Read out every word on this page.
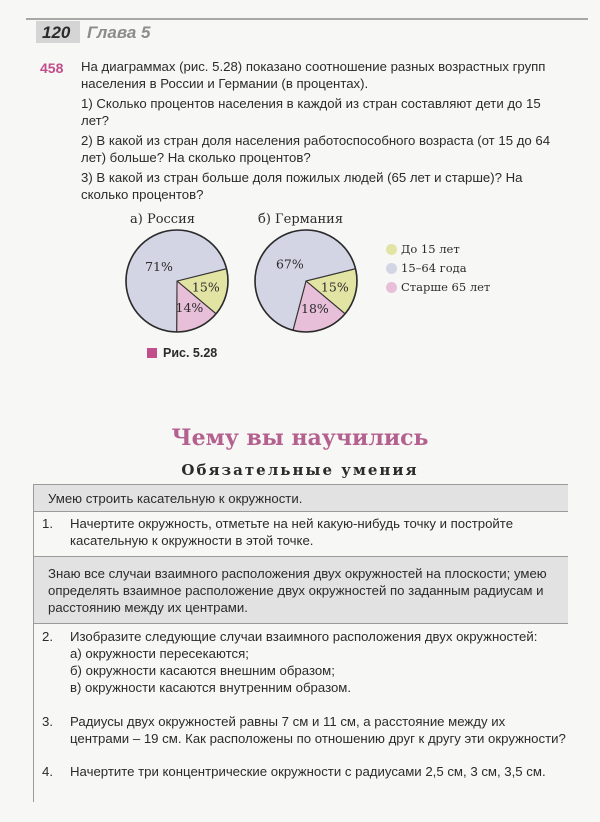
120 Глава 5
458 На диаграммах (рис. 5.28) показано соотношение разных возрастных групп населения в России и Германии (в процентах).

1) Сколько процентов населения в каждой из стран составляют дети до 15 лет?

2) В какой из стран доля населения работоспособного возраста (от 15 до 64 лет) больше? На сколько процентов?

3) В какой из стран больше доля пожилых людей (65 лет и старше)? На сколько процентов?

а) Россия	б) Германия
15%
14%
71%
15%
18%
67%
До 15 лет
15–64 года
Старше 65 лет
Рис. 5.28
Чему вы научились
Обязательные умения
Умею строить касательную к окружности.
1.	Начертите окружность, отметьте на ней какую-нибудь точку и постройте касательную к окружности в этой точке.

Знаю все случаи взаимного расположения двух окружностей на плоскости; умею определять взаимное расположение двух окружностей по заданным радиусам и расстоянию между их центрами.
2.	Изобразите следующие случаи взаимного расположения двух окружностей:

а) окружности пересекаются;

б) окружности касаются внешним образом;

в) окружности касаются внутренним образом.

3.	Радиусы двух окружностей равны 7 см и 11 см, а расстояние между их центрами – 19 см. Как расположены по отношению друг к другу эти окружности?

4.	Начертите три концентрические окружности с радиусами 2,5 см, 3 см, 3,5 см.
